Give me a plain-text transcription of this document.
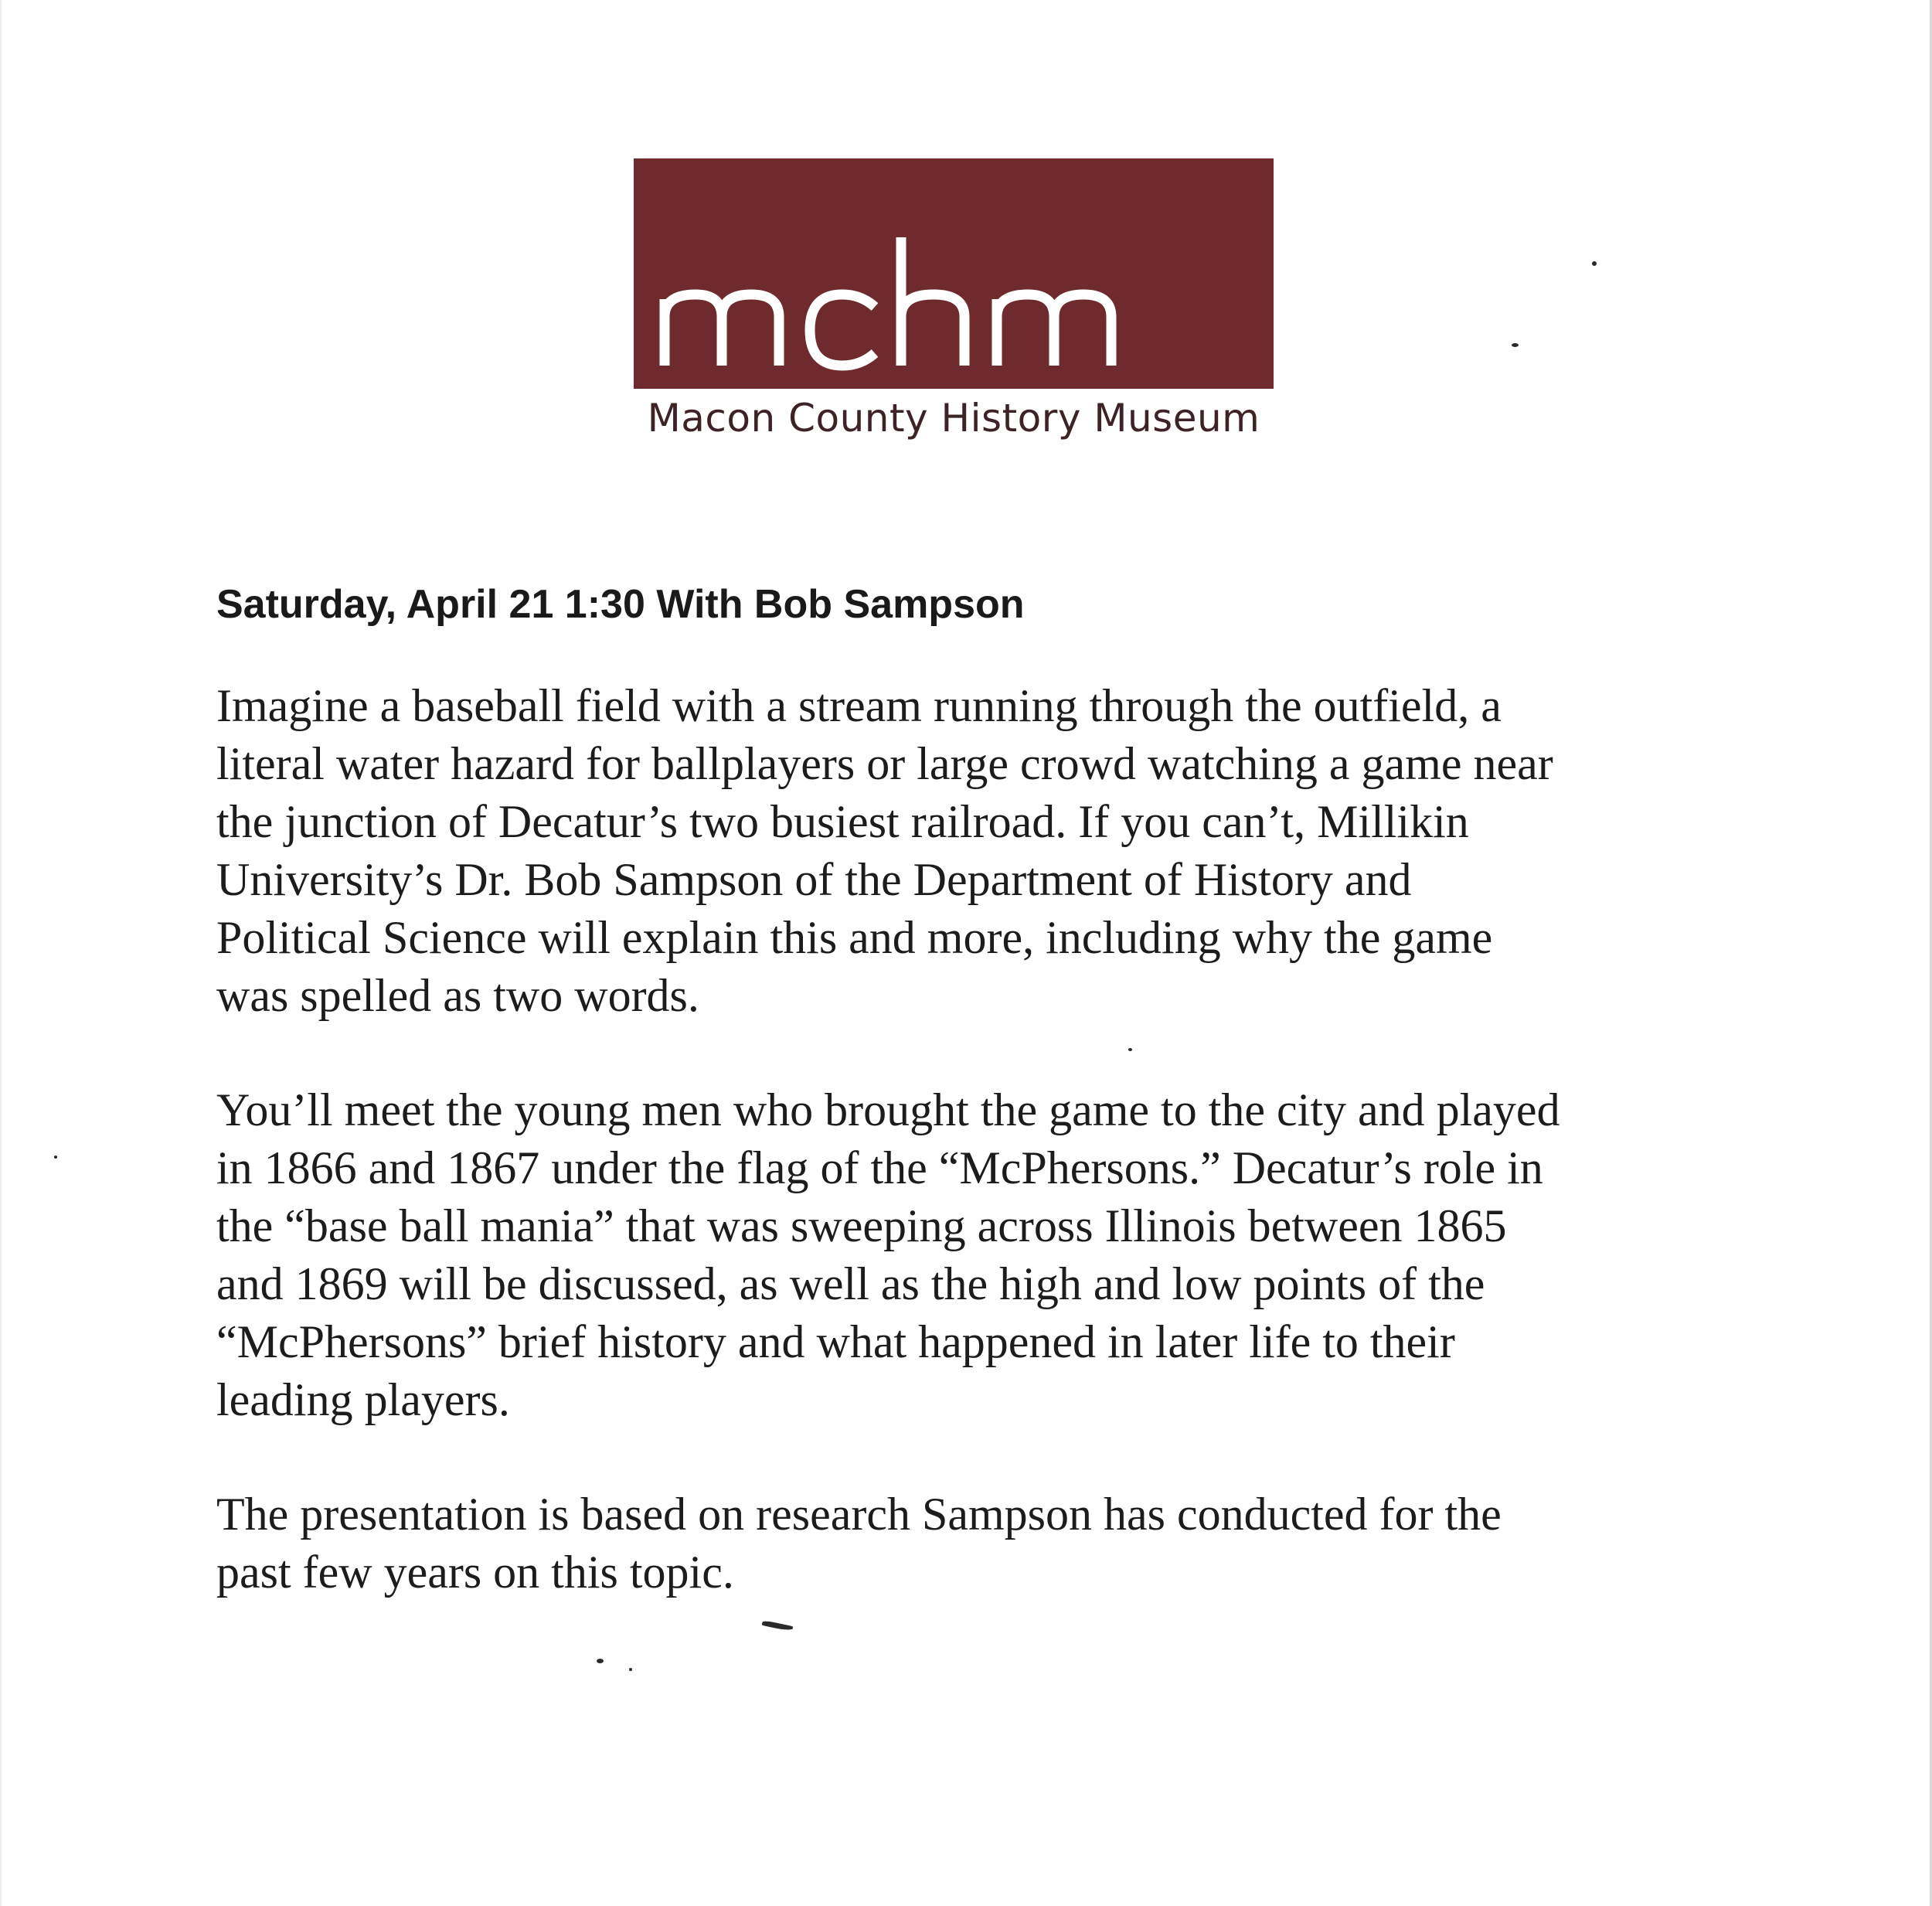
Macon County History Museum
Saturday, April 21 1:30 With Bob Sampson
Imagine a baseball field with a stream running through the outfield, a
literal water hazard for ballplayers or large crowd watching a game near
the junction of Decatur’s two busiest railroad. If you can’t, Millikin
University’s Dr. Bob Sampson of the Department of History and
Political Science will explain this and more, including why the game
was spelled as two words.
You’ll meet the young men who brought the game to the city and played
in 1866 and 1867 under the flag of the “McPhersons.” Decatur’s role in
the “base ball mania” that was sweeping across Illinois between 1865
and 1869 will be discussed, as well as the high and low points of the
“McPhersons” brief history and what happened in later life to their
leading players.
The presentation is based on research Sampson has conducted for the
past few years on this topic.
